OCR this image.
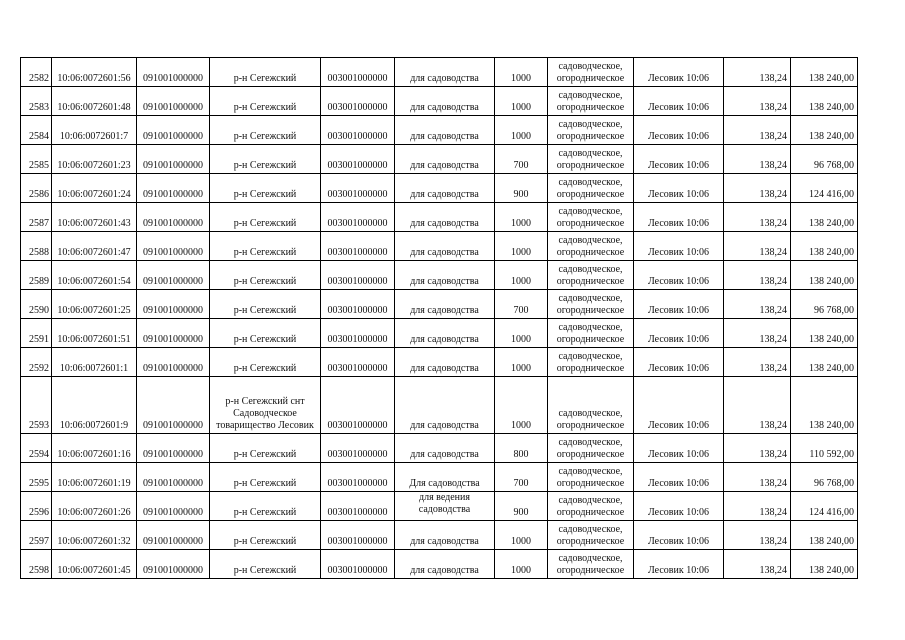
2582	10:06:0072601:56	091001000000	р-н Сегежский	003001000000	для садоводства	1000	садоводческое, огородническое	Лесовик 10:06	138,24	138 240,00
2583	10:06:0072601:48	091001000000	р-н Сегежский	003001000000	для садоводства	1000	садоводческое, огородническое	Лесовик 10:06	138,24	138 240,00
2584	10:06:0072601:7	091001000000	р-н Сегежский	003001000000	для садоводства	1000	садоводческое, огородническое	Лесовик 10:06	138,24	138 240,00
2585	10:06:0072601:23	091001000000	р-н Сегежский	003001000000	для садоводства	700	садоводческое, огородническое	Лесовик 10:06	138,24	96 768,00
2586	10:06:0072601:24	091001000000	р-н Сегежский	003001000000	для садоводства	900	садоводческое, огородническое	Лесовик 10:06	138,24	124 416,00
2587	10:06:0072601:43	091001000000	р-н Сегежский	003001000000	для садоводства	1000	садоводческое, огородническое	Лесовик 10:06	138,24	138 240,00
2588	10:06:0072601:47	091001000000	р-н Сегежский	003001000000	для садоводства	1000	садоводческое, огородническое	Лесовик 10:06	138,24	138 240,00
2589	10:06:0072601:54	091001000000	р-н Сегежский	003001000000	для садоводства	1000	садоводческое, огородническое	Лесовик 10:06	138,24	138 240,00
2590	10:06:0072601:25	091001000000	р-н Сегежский	003001000000	для садоводства	700	садоводческое, огородническое	Лесовик 10:06	138,24	96 768,00
2591	10:06:0072601:51	091001000000	р-н Сегежский	003001000000	для садоводства	1000	садоводческое, огородническое	Лесовик 10:06	138,24	138 240,00
2592	10:06:0072601:1	091001000000	р-н Сегежский	003001000000	для садоводства	1000	садоводческое, огородническое	Лесовик 10:06	138,24	138 240,00
2593	10:06:0072601:9	091001000000	р-н Сегежский снт Садоводческое товарищество Лесовик	003001000000	для садоводства	1000	садоводческое, огородническое	Лесовик 10:06	138,24	138 240,00
2594	10:06:0072601:16	091001000000	р-н Сегежский	003001000000	для садоводства	800	садоводческое, огородническое	Лесовик 10:06	138,24	110 592,00
2595	10:06:0072601:19	091001000000	р-н Сегежский	003001000000	Для садоводства	700	садоводческое, огородническое	Лесовик 10:06	138,24	96 768,00
2596	10:06:0072601:26	091001000000	р-н Сегежский	003001000000	для ведения садоводства	900	садоводческое, огородническое	Лесовик 10:06	138,24	124 416,00
2597	10:06:0072601:32	091001000000	р-н Сегежский	003001000000	для садоводства	1000	садоводческое, огородническое	Лесовик 10:06	138,24	138 240,00
2598	10:06:0072601:45	091001000000	р-н Сегежский	003001000000	для садоводства	1000	садоводческое, огородническое	Лесовик 10:06	138,24	138 240,00
